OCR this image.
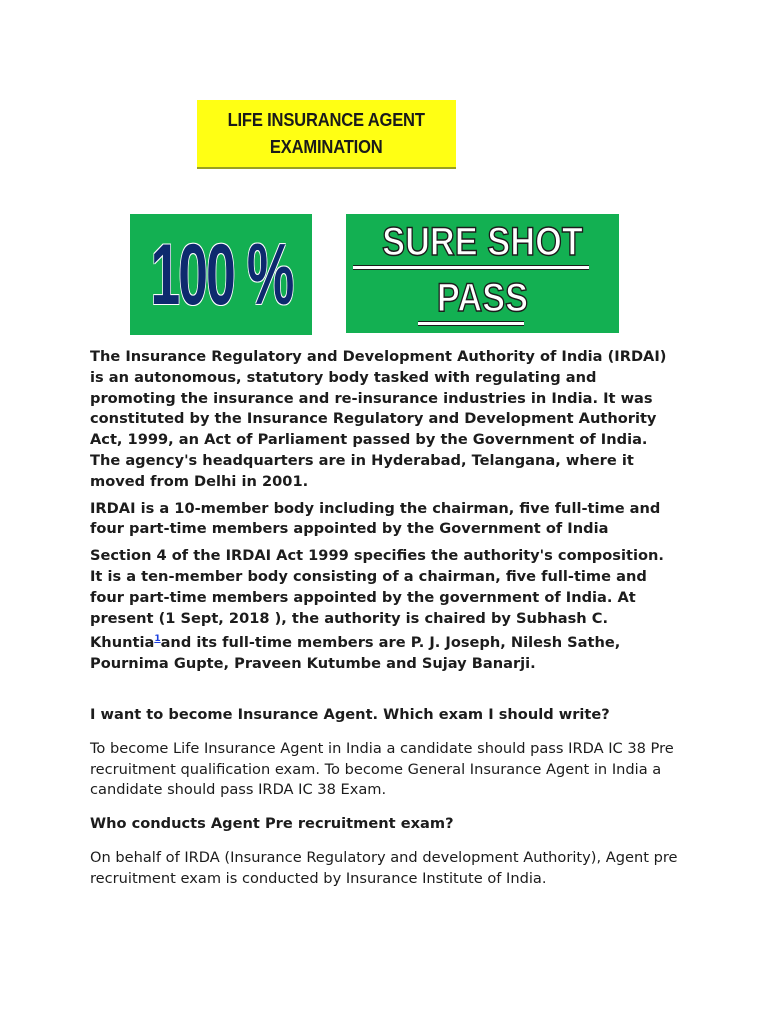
LIFE INSURANCE AGENT
EXAMINATION
100 %	SURE SHOT
PASS

The Insurance Regulatory and Development Authority of India (IRDAI) is an autonomous, statutory body tasked with regulating and promoting the insurance and re-insurance industries in India. It was constituted by the Insurance Regulatory and Development Authority Act, 1999, an Act of Parliament passed by the Government of India. The agency's headquarters are in Hyderabad, Telangana, where it moved from Delhi in 2001.

IRDAI is a 10-member body including the chairman, five full-time and four part-time members appointed by the Government of India

Section 4 of the IRDAI Act 1999 specifies the authority's composition. It is a ten-member body consisting of a chairman, five full-time and four part-time members appointed by the government of India. At present (1 Sept, 2018 ), the authority is chaired by Subhash C. Khuntia$^1$and its full-time members are P. J. Joseph, Nilesh Sathe, Pournima Gupte, Praveen Kutumbe and Sujay Banarji.

I want to become Insurance Agent. Which exam I should write?

To become Life Insurance Agent in India a candidate should pass IRDA IC 38 Pre recruitment qualification exam. To become General Insurance Agent in India a candidate should pass IRDA IC 38 Exam.

Who conducts Agent Pre recruitment exam?

On behalf of IRDA (Insurance Regulatory and development Authority), Agent pre recruitment exam is conducted by Insurance Institute of India.
